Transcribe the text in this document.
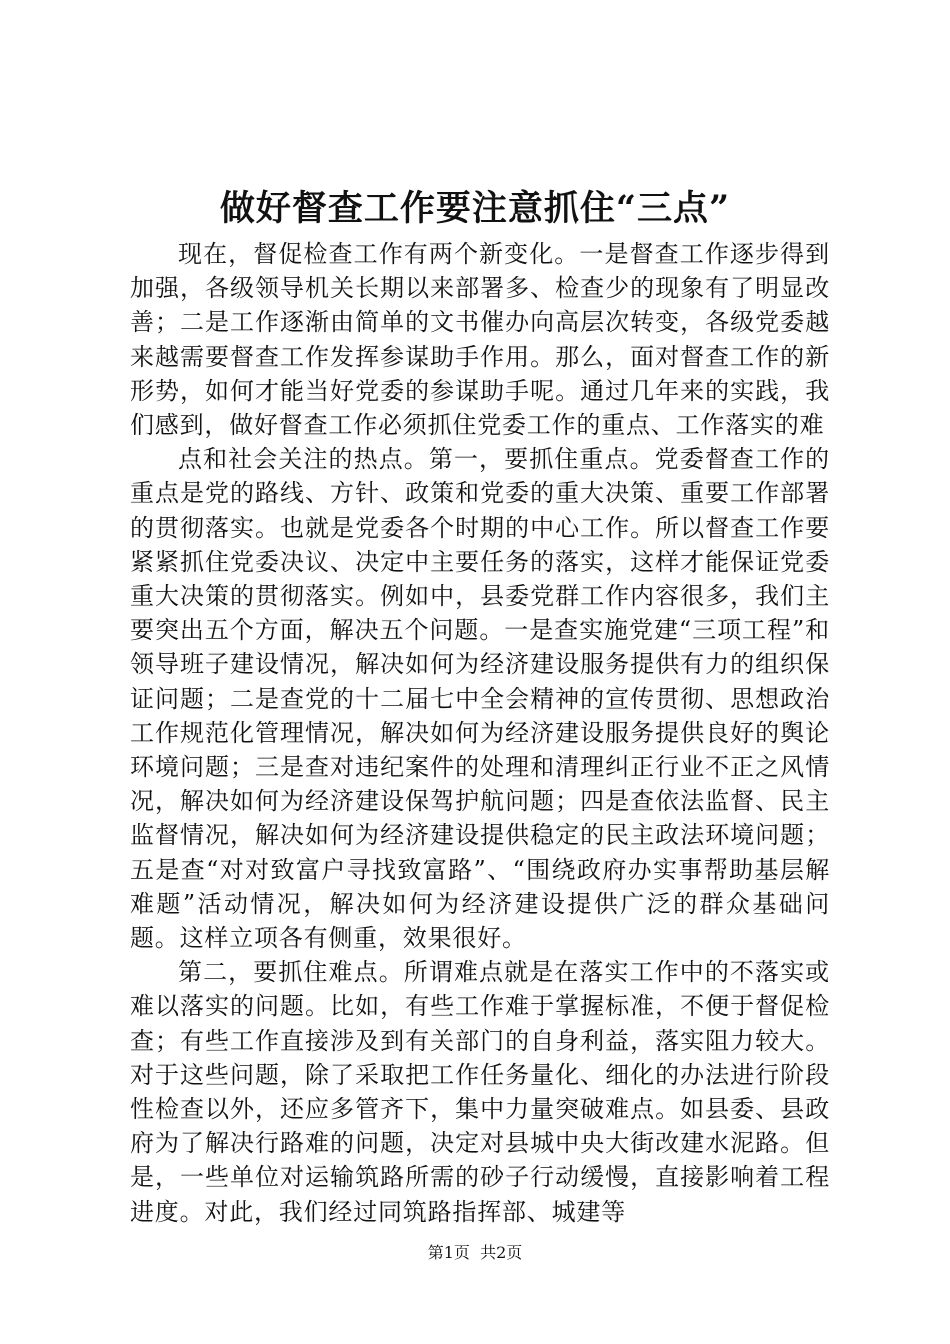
做好督查工作要注意抓住“三点”

现在，督促检查工作有两个新变化。一是督查工作逐步得到加强，各级领导机关长期以来部署多、检查少的现象有了明显改善；二是工作逐渐由简单的文书催办向高层次转变，各级党委越来越需要督查工作发挥参谋助手作用。那么，面对督查工作的新形势，如何才能当好党委的参谋助手呢。通过几年来的实践，我们感到，做好督查工作必须抓住党委工作的重点、工作落实的难

点和社会关注的热点。第一，要抓住重点。党委督查工作的重点是党的路线、方针、政策和党委的重大决策、重要工作部署的贯彻落实。也就是党委各个时期的中心工作。所以督查工作要紧紧抓住党委决议、决定中主要任务的落实，这样才能保证党委重大决策的贯彻落实。例如中，县委党群工作内容很多，我们主要突出五个方面，解决五个问题。一是查实施党建“三项工程”和领导班子建设情况，解决如何为经济建设服务提供有力的组织保证问题；二是查党的十二届七中全会精神的宣传贯彻、思想政治工作规范化管理情况，解决如何为经济建设服务提供良好的舆论环境问题；三是查对违纪案件的处理和清理纠正行业不正之风情况，解决如何为经济建设保驾护航问题；四是查依法监督、民主监督情况，解决如何为经济建设提供稳定的民主政法环境问题；五是查“对对致富户寻找致富路”、“围绕政府办实事帮助基层解难题”活动情况，解决如何为经济建设提供广泛的群众基础问题。这样立项各有侧重，效果很好。

第二，要抓住难点。所谓难点就是在落实工作中的不落实或难以落实的问题。比如，有些工作难于掌握标准，不便于督促检查；有些工作直接涉及到有关部门的自身利益，落实阻力较大。对于这些问题，除了采取把工作任务量化、细化的办法进行阶段性检查以外，还应多管齐下，集中力量突破难点。如县委、县政府为了解决行路难的问题，决定对县城中央大街改建水泥路。但是，一些单位对运输筑路所需的砂子行动缓慢，直接影响着工程进度。对此，我们经过同筑路指挥部、城建等

第1页  共2页
